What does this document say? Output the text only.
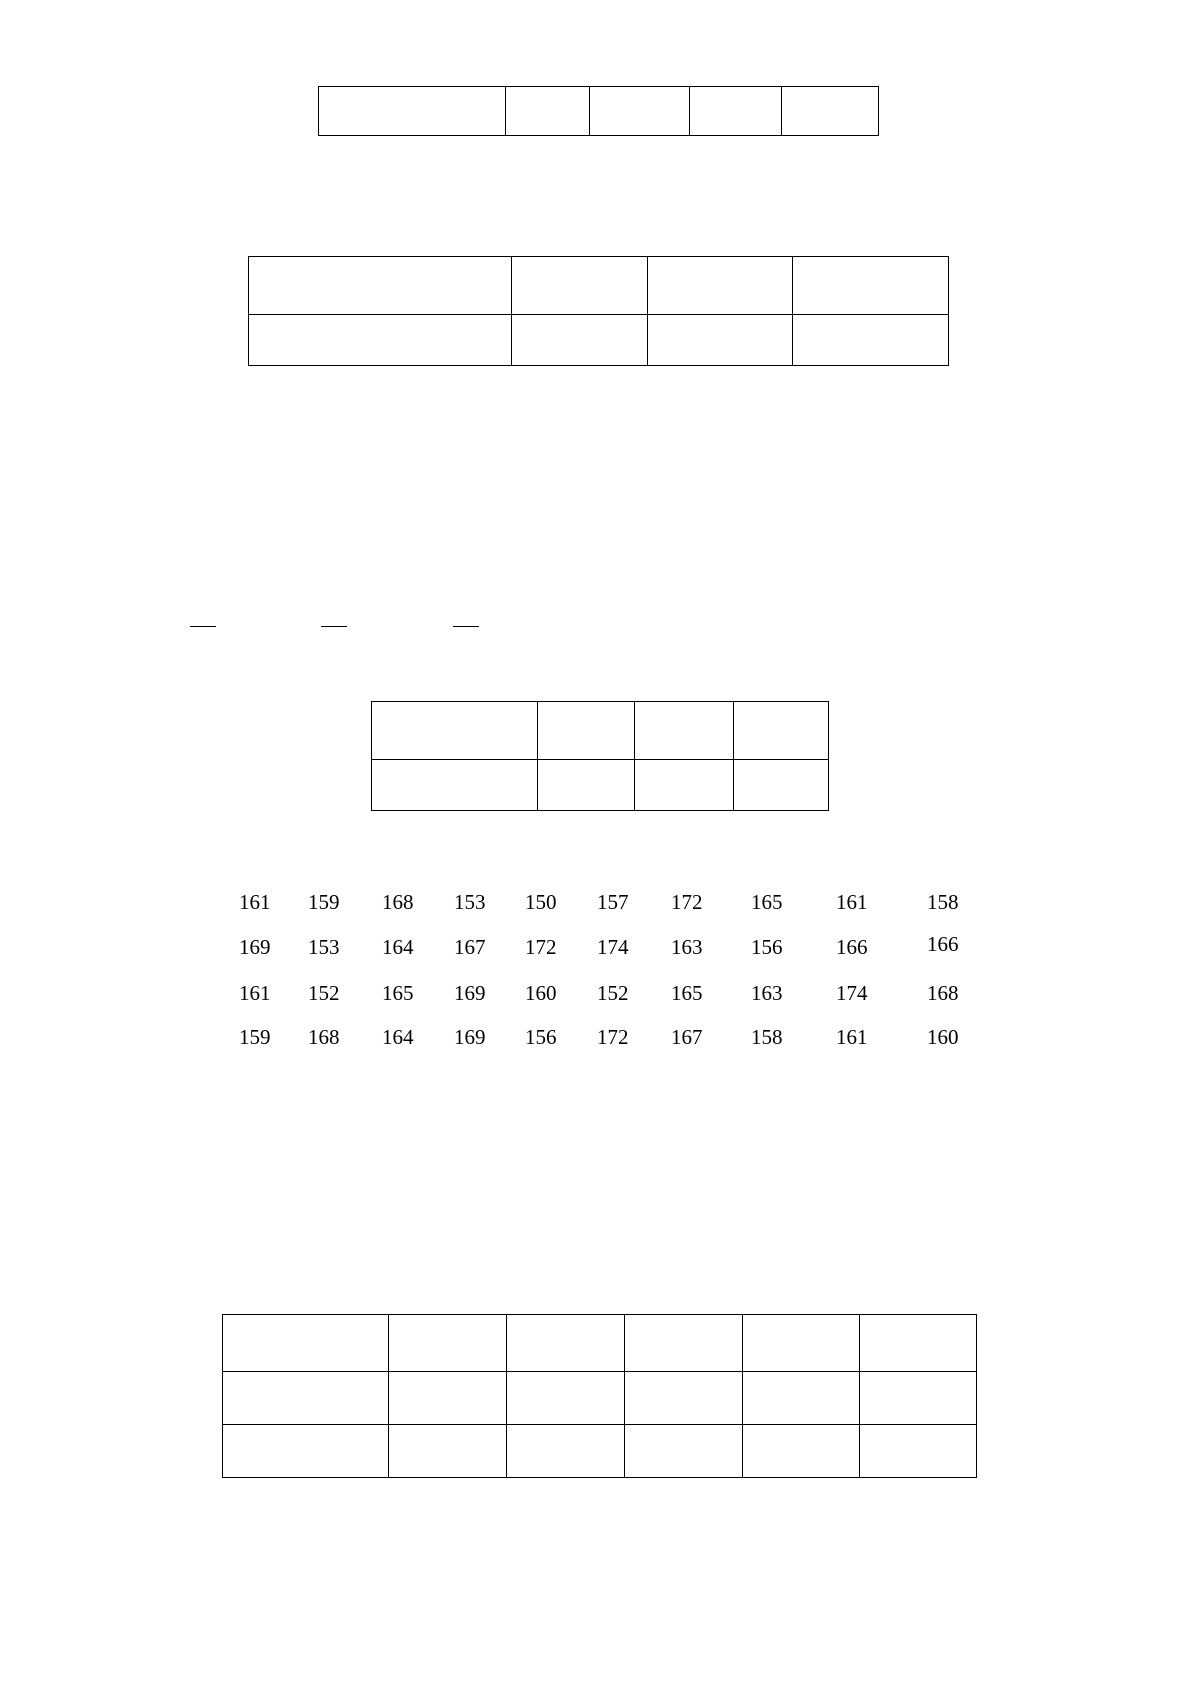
161 159 168 153 150 157 172 165	161	158
169 153 164 167 172 174 163 156	166	166
161 152 165 169 160 152 165 163	174	168
159 168 164 169 156 172 167 158	161	160
